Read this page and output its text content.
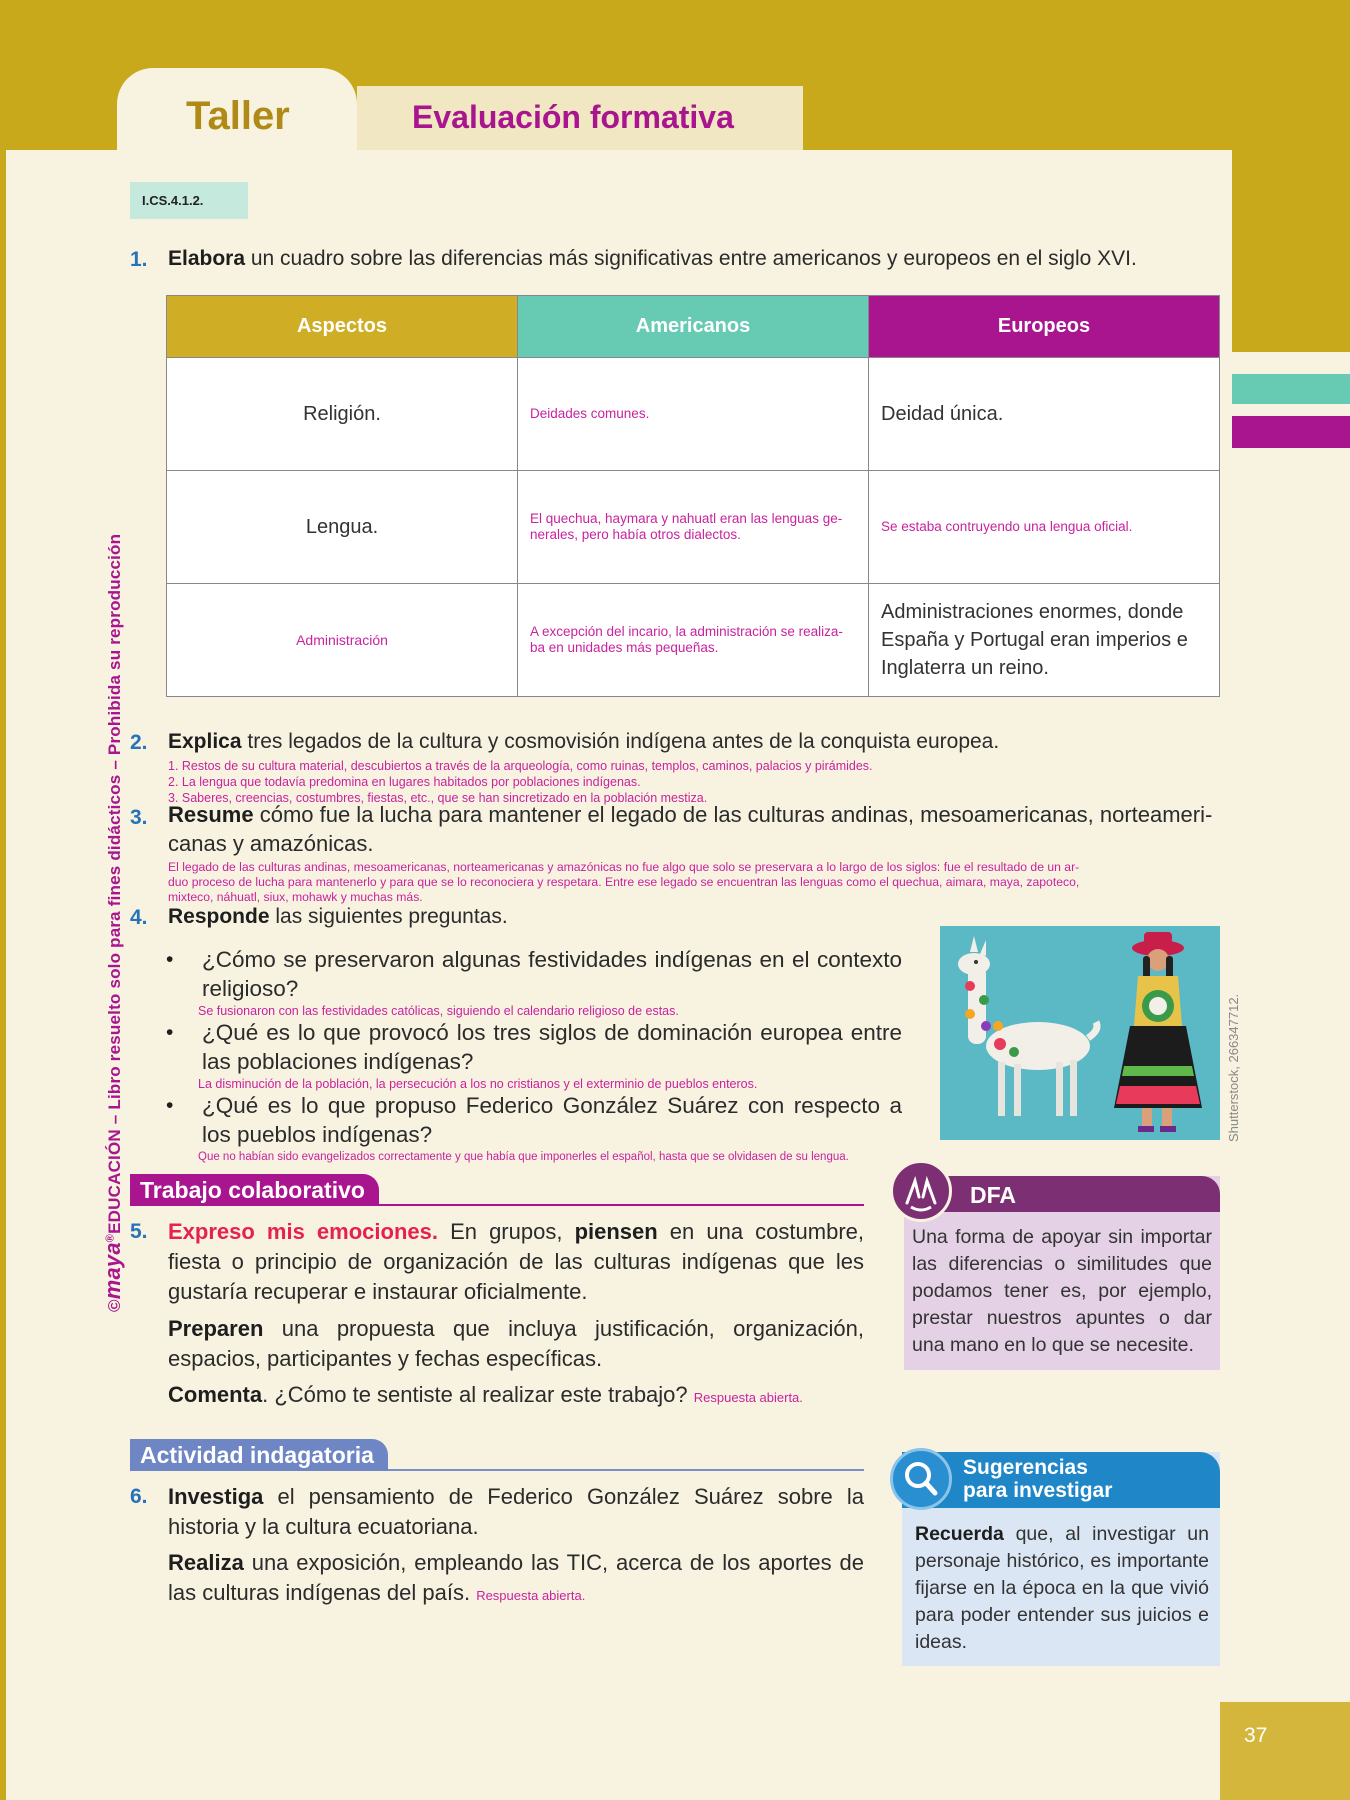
Taller	Evaluación formativa
I.CS.4.1.2.
©maya®EDUCACIÓN – Libro resuelto solo para fines didácticos – Prohibida su reproducción
1. Elabora un cuadro sobre las diferencias más significativas entre americanos y europeos en el siglo XVI.
Aspectos	Americanos	Europeos
Religión.	Deidades comunes.	Deidad única.
Lengua.	El quechua, haymara y nahuatl eran las lenguas ge-nerales, pero había otros dialectos.	Se estaba contruyendo una lengua oficial.
Administración	A excepción del incario, la administración se realiza-ba en unidades más pequeñas.	Administraciones enormes, donde España y Portugal eran imperios e Inglaterra un reino.
2. Explica tres legados de la cultura y cosmovisión indígena antes de la conquista europea.
1. Restos de su cultura material, descubiertos a través de la arqueología, como ruinas, templos, caminos, palacios y pirámides.
2. La lengua que todavía predomina en lugares habitados por poblaciones indígenas.
3. Saberes, creencias, costumbres, fiestas, etc., que se han sincretizado en la población mestiza.
3. Resume cómo fue la lucha para mantener el legado de las culturas andinas, mesoamericanas, norteameri-
canas y amazónicas.
El legado de las culturas andinas, mesoamericanas, norteamericanas y amazónicas no fue algo que solo se preservara a lo largo de los siglos: fue el resultado de un ar-
duo proceso de lucha para mantenerlo y para que se lo reconociera y respetara. Entre ese legado se encuentran las lenguas como el quechua, aimara, maya, zapoteco,
mixteco, náhuatl, siux, mohawk y muchas más.
4. Responde las siguientes preguntas.
• ¿Cómo se preservaron algunas festividades indígenas en el contexto religioso?
Se fusionaron con las festividades católicas, siguiendo el calendario religioso de estas.
• ¿Qué es lo que provocó los tres siglos de dominación europea entre las poblaciones indígenas?
La disminución de la población, la persecución a los no cristianos y el exterminio de pueblos enteros.
• ¿Qué es lo que propuso Federico González Suárez con respecto a los pueblos indígenas?
Que no habían sido evangelizados correctamente y que había que imponerles el español, hasta que se olvidasen de su lengua.
Shutterstock, 266347712.
Trabajo colaborativo
5. Expreso mis emociones. En grupos, piensen en una costumbre, fiesta o principio de organización de las culturas indígenas que les gustaría recuperar e instaurar oficialmente.
Preparen una propuesta que incluya justificación, organización, espacios, participantes y fechas específicas.
Comenta. ¿Cómo te sentiste al realizar este trabajo? Respuesta abierta.
DFA
Una forma de apoyar sin importar las diferencias o similitudes que podamos tener es, por ejemplo, prestar nuestros apuntes o dar una mano en lo que se necesite.
Actividad indagatoria
6. Investiga el pensamiento de Federico González Suárez sobre la historia y la cultura ecuatoriana.
Realiza una exposición, empleando las TIC, acerca de los aportes de las culturas indígenas del país. Respuesta abierta.
Sugerencias
para investigar
Recuerda que, al investigar un personaje histórico, es importante fijarse en la época en la que vivió para poder entender sus juicios e ideas.
37
